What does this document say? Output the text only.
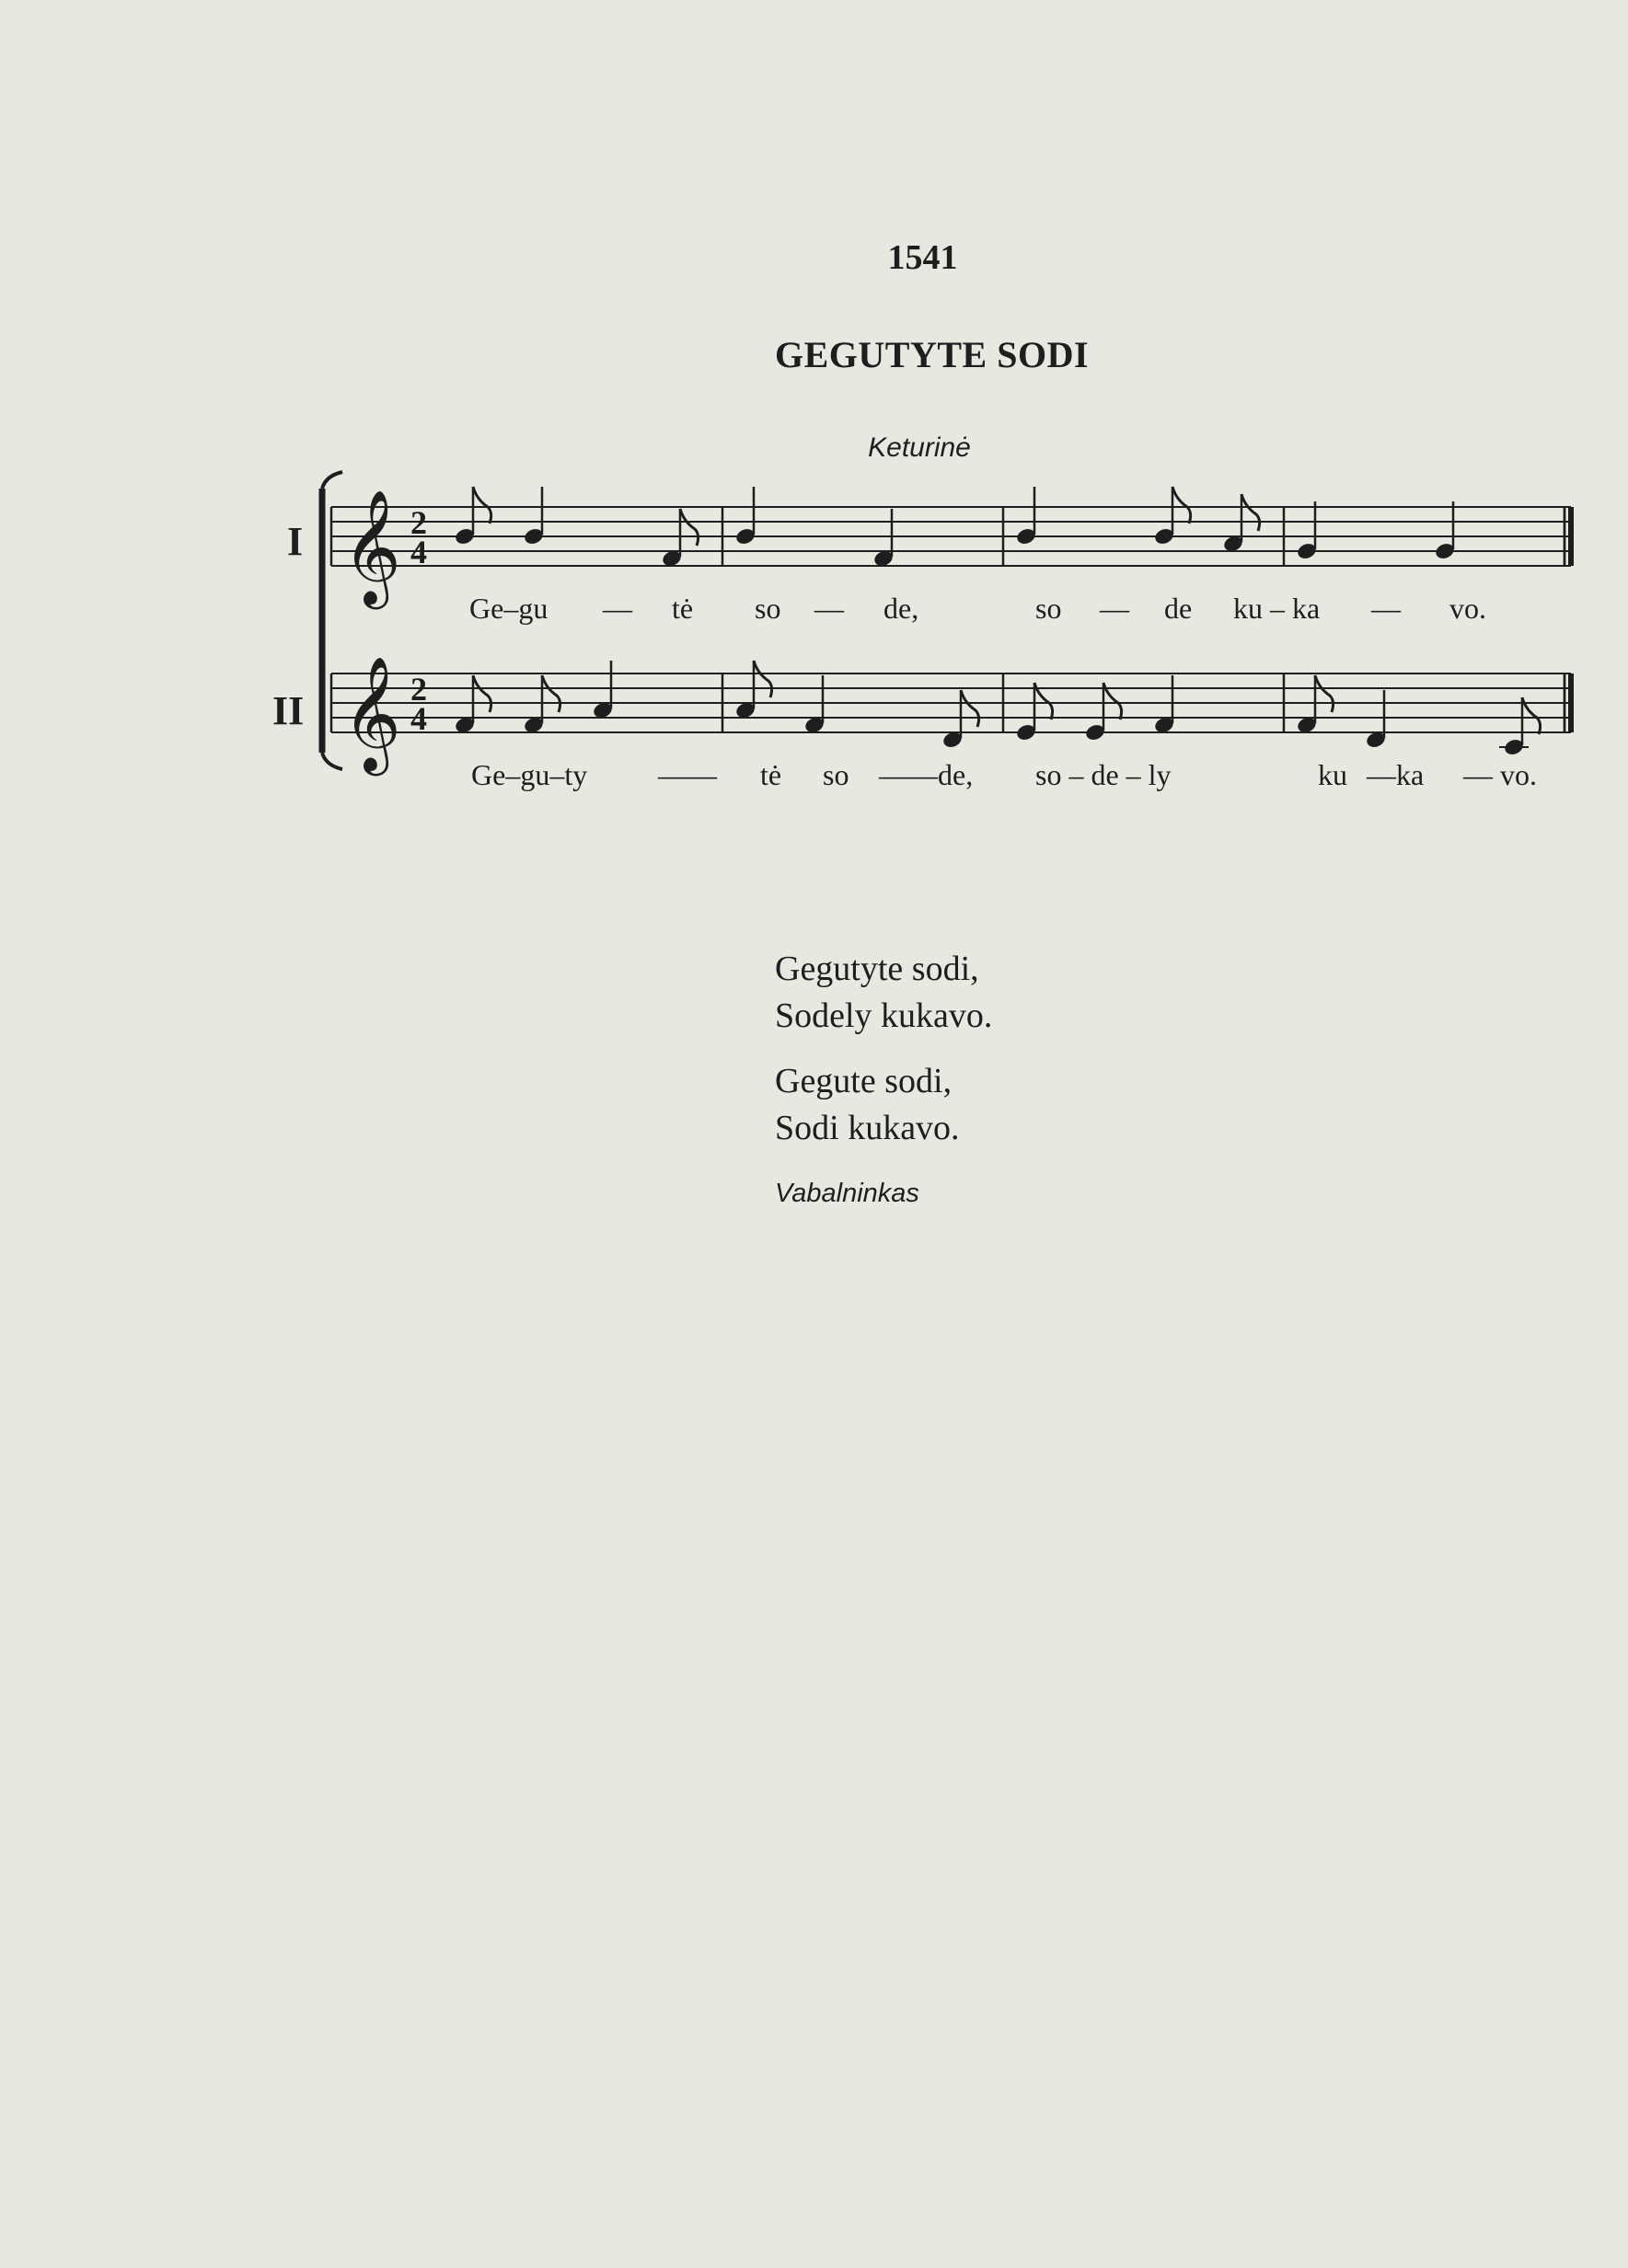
1541
GEGUTYTE SODI
Keturinė
I
II
𝄞 2
4
Ge–gu — tė so — de,	so — de ku – ka — vo.
𝄞 2
4
Ge–gu–ty —— tė so ——de, so – de – ly	ku —ka — vo.
Gegutyte sodi,
Sodely kukavo.
Gegute sodi,
Sodi kukavo.
Vabalninkas
